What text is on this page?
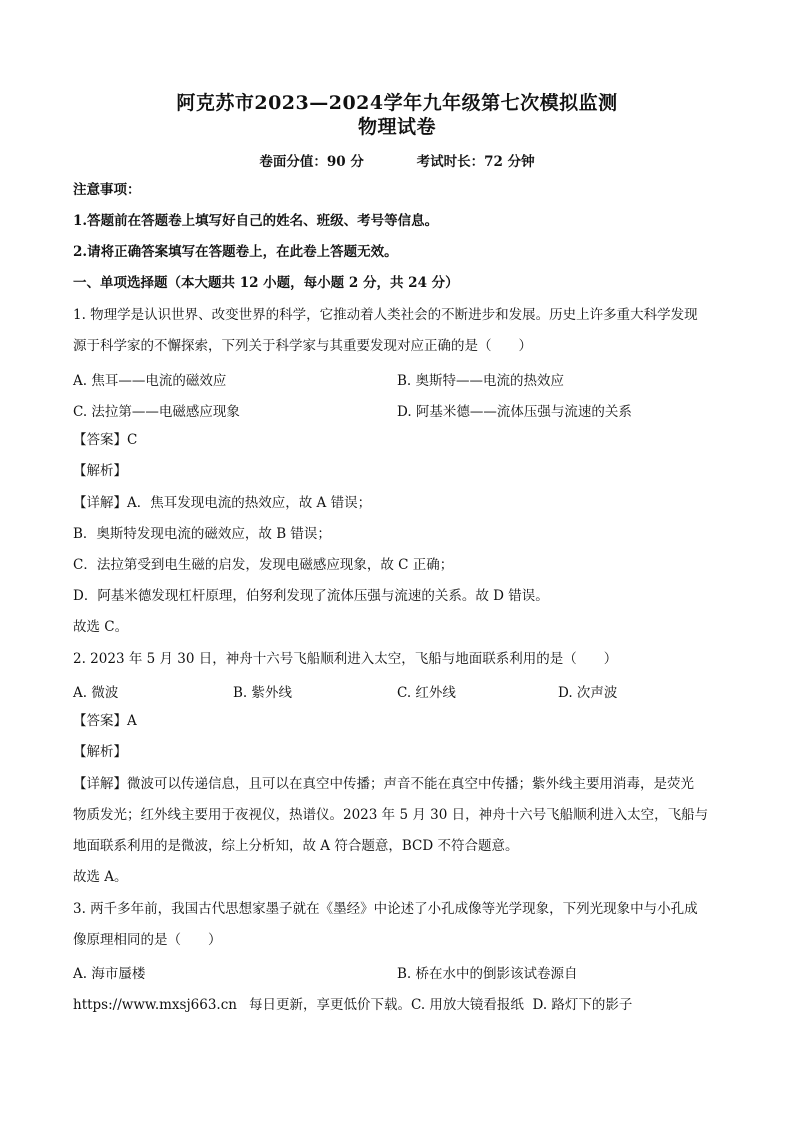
阿克苏市2023—2024学年九年级第七次模拟监测
物理试卷
卷面分值：90 分	考试时长：72 分钟
注意事项：
1.答题前在答题卷上填写好自己的姓名、班级、考号等信息。
2.请将正确答案填写在答题卷上，在此卷上答题无效。
一、单项选择题（本大题共 12 小题，每小题 2 分，共 24 分）
1. 物理学是认识世界、改变世界的科学，它推动着人类社会的不断进步和发展。历史上许多重大科学发现
源于科学家的不懈探索，下列关于科学家与其重要发现对应正确的是（　　）
A. 焦耳——电流的磁效应	B. 奥斯特——电流的热效应
C. 法拉第——电磁感应现象	D. 阿基米德——流体压强与流速的关系
【答案】C
【解析】
【详解】A．焦耳发现电流的热效应，故 A 错误；
B．奥斯特发现电流的磁效应，故 B 错误；
C．法拉第受到电生磁的启发，发现电磁感应现象，故 C 正确；
D．阿基米德发现杠杆原理，伯努利发现了流体压强与流速的关系。故 D 错误。
故选 C。
2. 2023 年 5 月 30 日，神舟十六号飞船顺利进入太空，飞船与地面联系利用的是（　　）
A. 微波	B. 紫外线	C. 红外线	D. 次声波
【答案】A
【解析】
【详解】微波可以传递信息，且可以在真空中传播；声音不能在真空中传播；紫外线主要用消毒，是荧光
物质发光；红外线主要用于夜视仪，热谱仪。2023 年 5 月 30 日，神舟十六号飞船顺利进入太空，飞船与
地面联系利用的是微波，综上分析知，故 A 符合题意，BCD 不符合题意。
故选 A。
3. 两千多年前，我国古代思想家墨子就在《墨经》中论述了小孔成像等光学现象，下列光现象中与小孔成
像原理相同的是（　　）
A. 海市蜃楼	B. 桥在水中的倒影该试卷源自
https://www.mxsj663.cn 每日更新，享更低价下载。C. 用放大镜看报纸 D. 路灯下的影子
